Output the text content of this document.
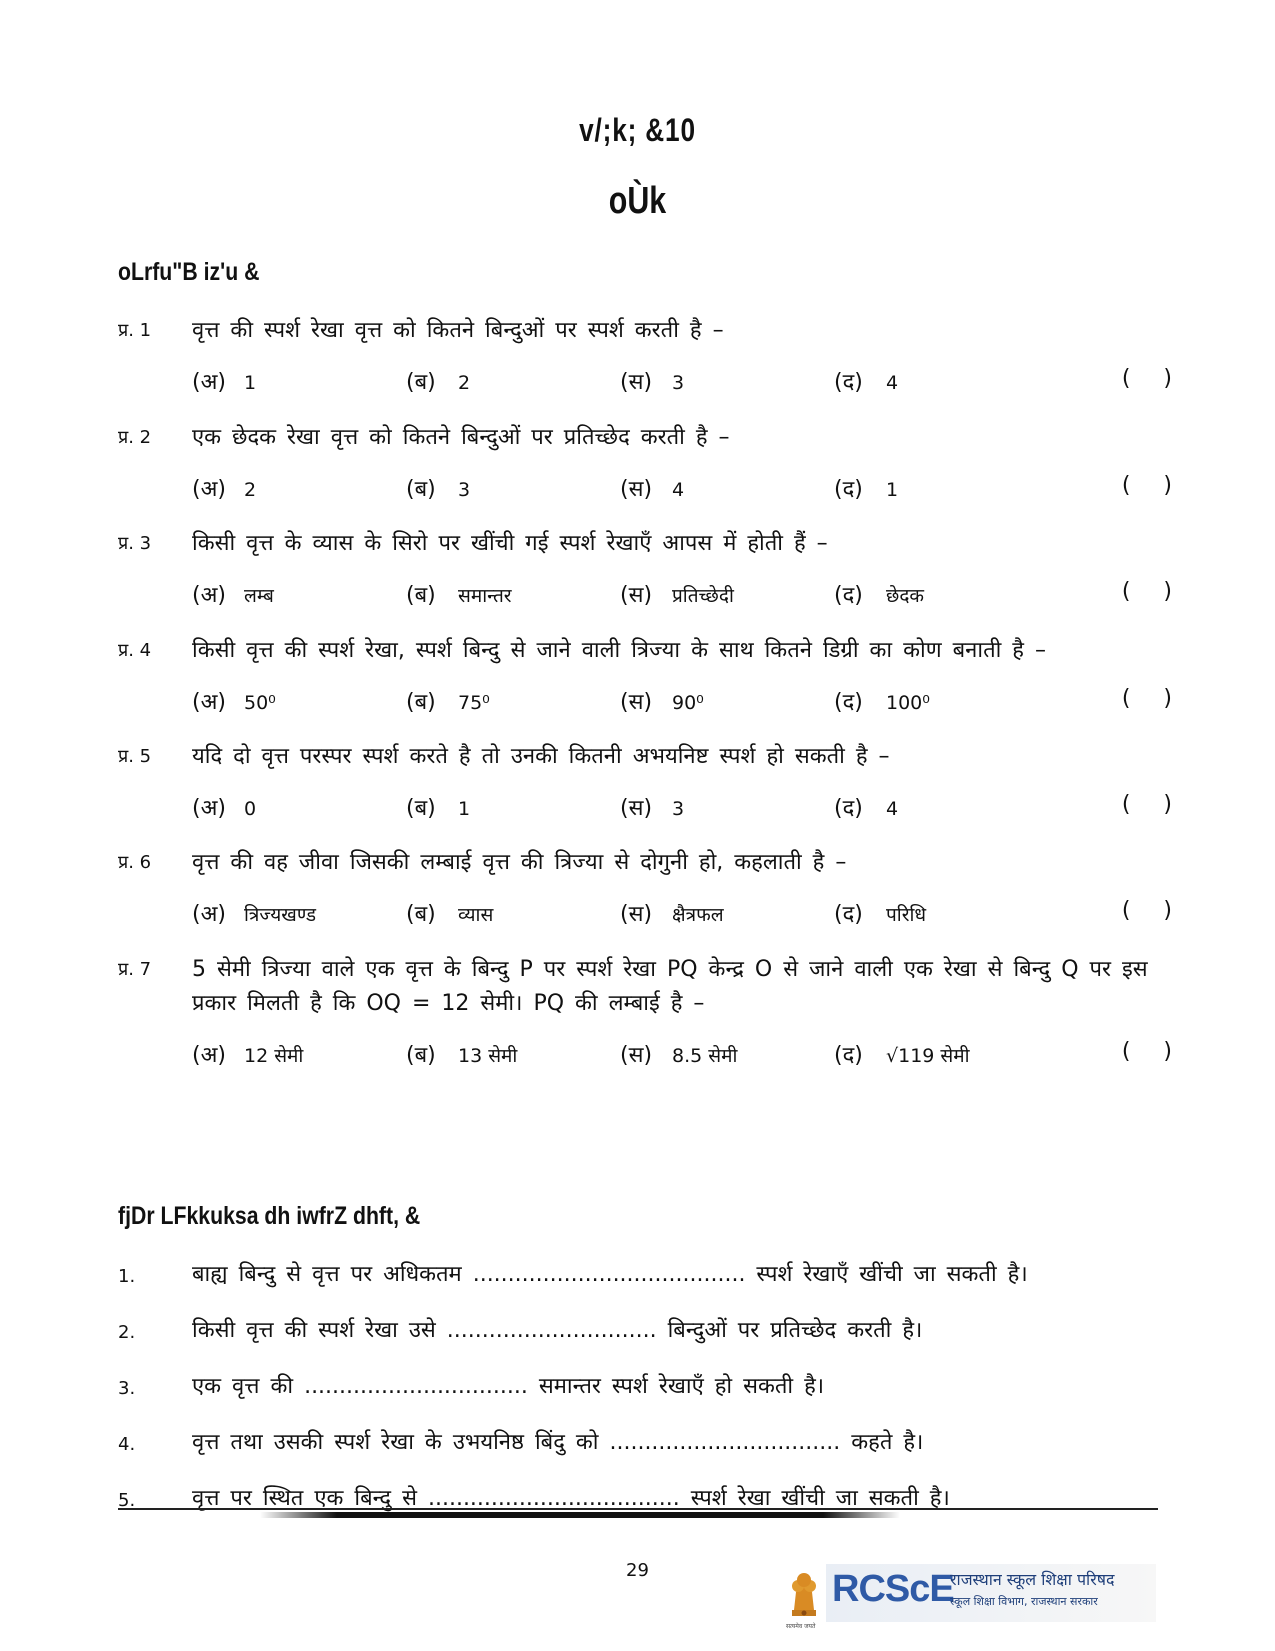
v/;k; &10
oÙk
oLrfu"B iz'u &
प्र. 1 वृत्त की स्पर्श रेखा वृत्त को कितने बिन्दुओं पर स्पर्श करती है –
(अ) 1	(ब) 2	(स) 3	(द) 4	( )
प्र. 2 एक छेदक रेखा वृत्त को कितने बिन्दुओं पर प्रतिच्छेद करती है –
(अ) 2	(ब) 3	(स) 4	(द) 1	( )
प्र. 3 किसी वृत्त के व्यास के सिरो पर खींची गई स्पर्श रेखाएँ आपस में होती हैं –
(अ) लम्ब	(ब) समान्तर	(स) प्रतिच्छेदी	(द) छेदक	( )
प्र. 4 किसी वृत्त की स्पर्श रेखा, स्पर्श बिन्दु से जाने वाली त्रिज्या के साथ कितने डिग्री का कोण बनाती है –
(अ) 50⁰	(ब) 75⁰	(स) 90⁰	(द) 100⁰	( )
प्र. 5 यदि दो वृत्त परस्पर स्पर्श करते है तो उनकी कितनी अभयनिष्ट स्पर्श हो सकती है –
(अ) 0	(ब) 1	(स) 3	(द) 4	( )
प्र. 6 वृत्त की वह जीवा जिसकी लम्बाई वृत्त की त्रिज्या से दोगुनी हो, कहलाती है –
(अ) त्रिज्यखण्ड	(ब) व्यास	(स) क्षैत्रफल	(द) परिधि	( )
प्र. 7 5 सेमी त्रिज्या वाले एक वृत्त के बिन्दु P पर स्पर्श रेखा PQ केन्द्र O से जाने वाली एक रेखा से बिन्दु Q पर इस प्रकार मिलती है कि OQ = 12 सेमी। PQ की लम्बाई है –
(अ) 12 सेमी	(ब) 13 सेमी	(स) 8.5 सेमी	(द) √119 सेमी	( )
fjDr LFkkuksa dh iwfrZ dhft, &
1.	बाह्य बिन्दु से वृत्त पर अधिकतम ....................................... स्पर्श रेखाएँ खींची जा सकती है।
2.	किसी वृत्त की स्पर्श रेखा उसे .............................. बिन्दुओं पर प्रतिच्छेद करती है।
3.	एक वृत्त की ................................ समान्तर स्पर्श रेखाएँ हो सकती है।
4.	वृत्त तथा उसकी स्पर्श रेखा के उभयनिष्ठ बिंदु को ................................. कहते है।
5.	वृत्त पर स्थित एक बिन्दु से .................................... स्पर्श रेखा खींची जा सकती है।
29
सत्यमेव जयते
RCScE
राजस्थान स्कूल शिक्षा परिषद
स्कूल शिक्षा विभाग, राजस्थान सरकार
